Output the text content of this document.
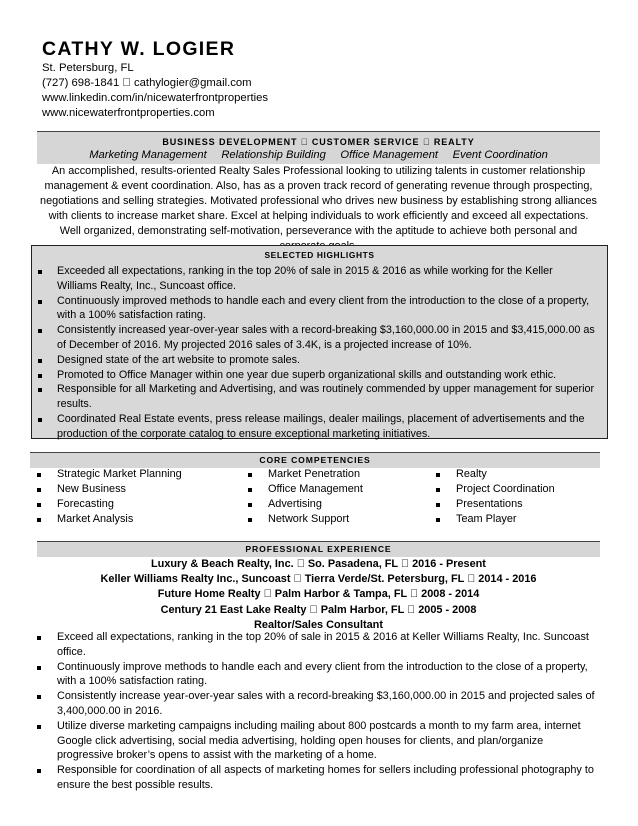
CATHY W. LOGIER
St. Petersburg, FL
(727) 698-1841 cathylogier@gmail.com
www.linkedin.com/in/nicewaterfrontproperties
www.nicewaterfrontproperties.com
BUSINESS DEVELOPMENT CUSTOMER SERVICE REALTY
Marketing Management Relationship Building Office Management Event Coordination
An accomplished, results-oriented Realty Sales Professional looking to utilizing talents in customer relationship management & event coordination. Also, has as a proven track record of generating revenue through prospecting, negotiations and selling strategies. Motivated professional who drives new business by establishing strong alliances with clients to increase market share. Excel at helping individuals to work efficiently and exceed all expectations. Well organized, demonstrating self-motivation, perseverance with the aptitude to achieve both personal and
SELECTED HIGHLIGHTS
Exceeded all expectations, ranking in the top 20% of sale in 2015 & 2016 as while working for the Keller Williams Realty, Inc., Suncoast office.
Continuously improved methods to handle each and every client from the introduction to the close of a property, with a 100% satisfaction rating.
Consistently increased year-over-year sales with a record-breaking $3,160,000.00 in 2015 and $3,415,000.00 as of December of 2016. My projected 2016 sales of 3.4K, is a projected increase of 10%.
Designed state of the art website to promote sales.
Promoted to Office Manager within one year due superb organizational skills and outstanding work ethic.
Responsible for all Marketing and Advertising, and was routinely commended by upper management for superior results.
Coordinated Real Estate events, press release mailings, dealer mailings, placement of advertisements and the production of the corporate catalog to ensure exceptional marketing initiatives.
CORE COMPETENCIES
Strategic Market Planning
New Business
Forecasting
Market Analysis
Market Penetration
Office Management
Advertising
Network Support
Realty
Project Coordination
Presentations
Team Player
PROFESSIONAL EXPERIENCE
Luxury & Beach Realty, Inc. So. Pasadena, FL 2016 - Present
Keller Williams Realty Inc., Suncoast Tierra Verde/St. Petersburg, FL 2014 - 2016
Future Home Realty Palm Harbor & Tampa, FL 2008 - 2014
Century 21 East Lake Realty Palm Harbor, FL 2005 - 2008
Realtor/Sales Consultant
Exceed all expectations, ranking in the top 20% of sale in 2015 & 2016 at Keller Williams Realty, Inc. Suncoast office.
Continuously improve methods to handle each and every client from the introduction to the close of a property, with a 100% satisfaction rating.
Consistently increase year-over-year sales with a record-breaking $3,160,000.00 in 2015 and projected sales of 3,400,000.00 in 2016.
Utilize diverse marketing campaigns including mailing about 800 postcards a month to my farm area, internet Google click advertising, social media advertising, holding open houses for clients, and plan/organize progressive broker’s opens to assist with the marketing of a home.
Responsible for coordination of all aspects of marketing homes for sellers including professional photography to ensure the best possible results.
